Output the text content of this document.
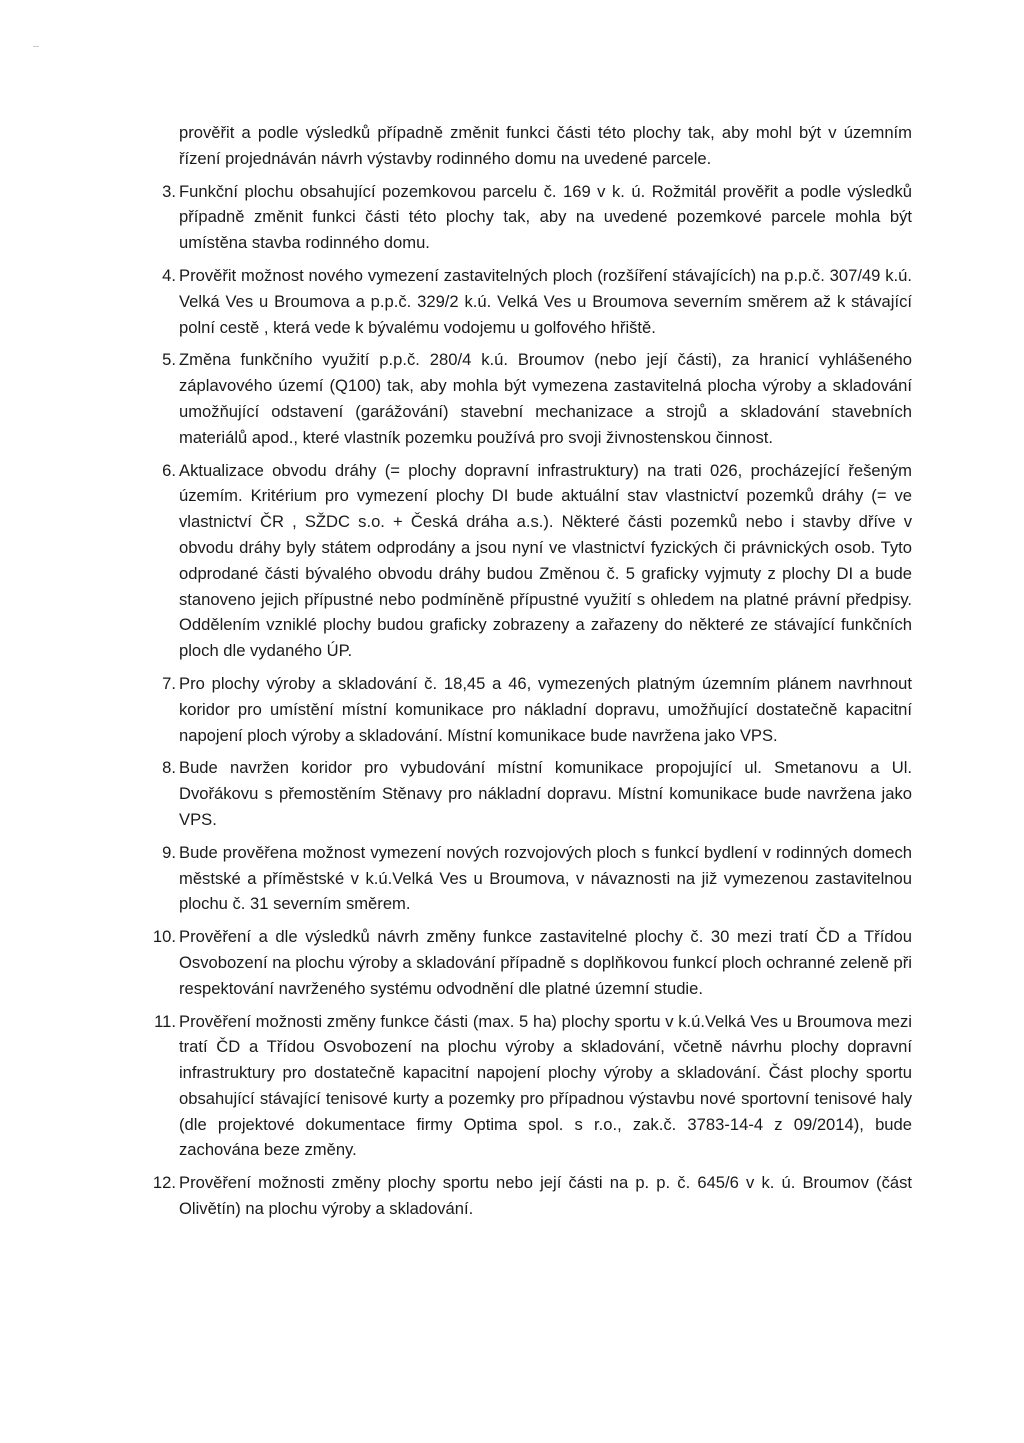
prověřit a podle výsledků případně změnit funkci části této plochy tak, aby mohl být v územním řízení projednáván návrh výstavby rodinného domu na uvedené parcele.

3. Funkční plochu obsahující pozemkovou parcelu č. 169 v k. ú. Rožmitál prověřit a podle výsledků případně změnit funkci části této plochy tak, aby na uvedené pozemkové parcele mohla být umístěna stavba rodinného domu.
4. Prověřit možnost nového vymezení zastavitelných ploch (rozšíření stávajících) na p.p.č. 307/49 k.ú. Velká Ves u Broumova a p.p.č. 329/2 k.ú. Velká Ves u Broumova severním směrem až k stávající polní cestě , která vede k bývalému vodojemu u golfového hřiště.
5. Změna funkčního využití p.p.č. 280/4 k.ú. Broumov (nebo její části), za hranicí vyhlášeného záplavového území (Q100) tak, aby mohla být vymezena zastavitelná plocha výroby a skladování umožňující odstavení (garážování) stavební mechanizace a strojů a skladování stavebních materiálů apod., které vlastník pozemku používá pro svoji živnostenskou činnost.
6. Aktualizace obvodu dráhy (= plochy dopravní infrastruktury) na trati 026, procházející řešeným územím. Kritérium pro vymezení plochy DI bude aktuální stav vlastnictví pozemků dráhy (= ve vlastnictví ČR , SŽDC s.o. + Česká dráha a.s.). Některé části pozemků nebo i stavby dříve v obvodu dráhy byly státem odprodány a jsou nyní ve vlastnictví fyzických či právnických osob. Tyto odprodané části bývalého obvodu dráhy budou Změnou č. 5 graficky vyjmuty z plochy DI a bude stanoveno jejich přípustné nebo podmíněně přípustné využití s ohledem na platné právní předpisy. Oddělením vzniklé plochy budou graficky zobrazeny a zařazeny do některé ze stávající funkčních ploch dle vydaného ÚP.
7. Pro plochy výroby a skladování č. 18,45 a 46, vymezených platným územním plánem navrhnout koridor pro umístění místní komunikace pro nákladní dopravu, umožňující dostatečně kapacitní napojení ploch výroby a skladování. Místní komunikace bude navržena jako VPS.
8. Bude navržen koridor pro vybudování místní komunikace propojující ul. Smetanovu a Ul. Dvořákovu s přemostěním Stěnavy pro nákladní dopravu. Místní komunikace bude navržena jako VPS.
9. Bude prověřena možnost vymezení nových rozvojových ploch s funkcí bydlení v rodinných domech městské a příměstské v k.ú.Velká Ves u Broumova, v návaznosti na již vymezenou zastavitelnou plochu č. 31 severním směrem.
10. Prověření a dle výsledků návrh změny funkce zastavitelné plochy č. 30 mezi tratí ČD a Třídou Osvobození na plochu výroby a skladování případně s doplňkovou funkcí ploch ochranné zeleně při respektování navrženého systému odvodnění dle platné územní studie.
11. Prověření možnosti změny funkce části (max. 5 ha) plochy sportu v k.ú.Velká Ves u Broumova mezi tratí ČD a Třídou Osvobození na plochu výroby a skladování, včetně návrhu plochy dopravní infrastruktury pro dostatečně kapacitní napojení plochy výroby a skladování. Část plochy sportu obsahující stávající tenisové kurty a pozemky pro případnou výstavbu nové sportovní tenisové haly (dle projektové dokumentace firmy Optima spol. s r.o., zak.č. 3783-14-4 z 09/2014), bude zachována beze změny.
12. Prověření možnosti změny plochy sportu nebo její části na p. p. č. 645/6 v k. ú. Broumov (část Olivětín) na plochu výroby a skladování.
